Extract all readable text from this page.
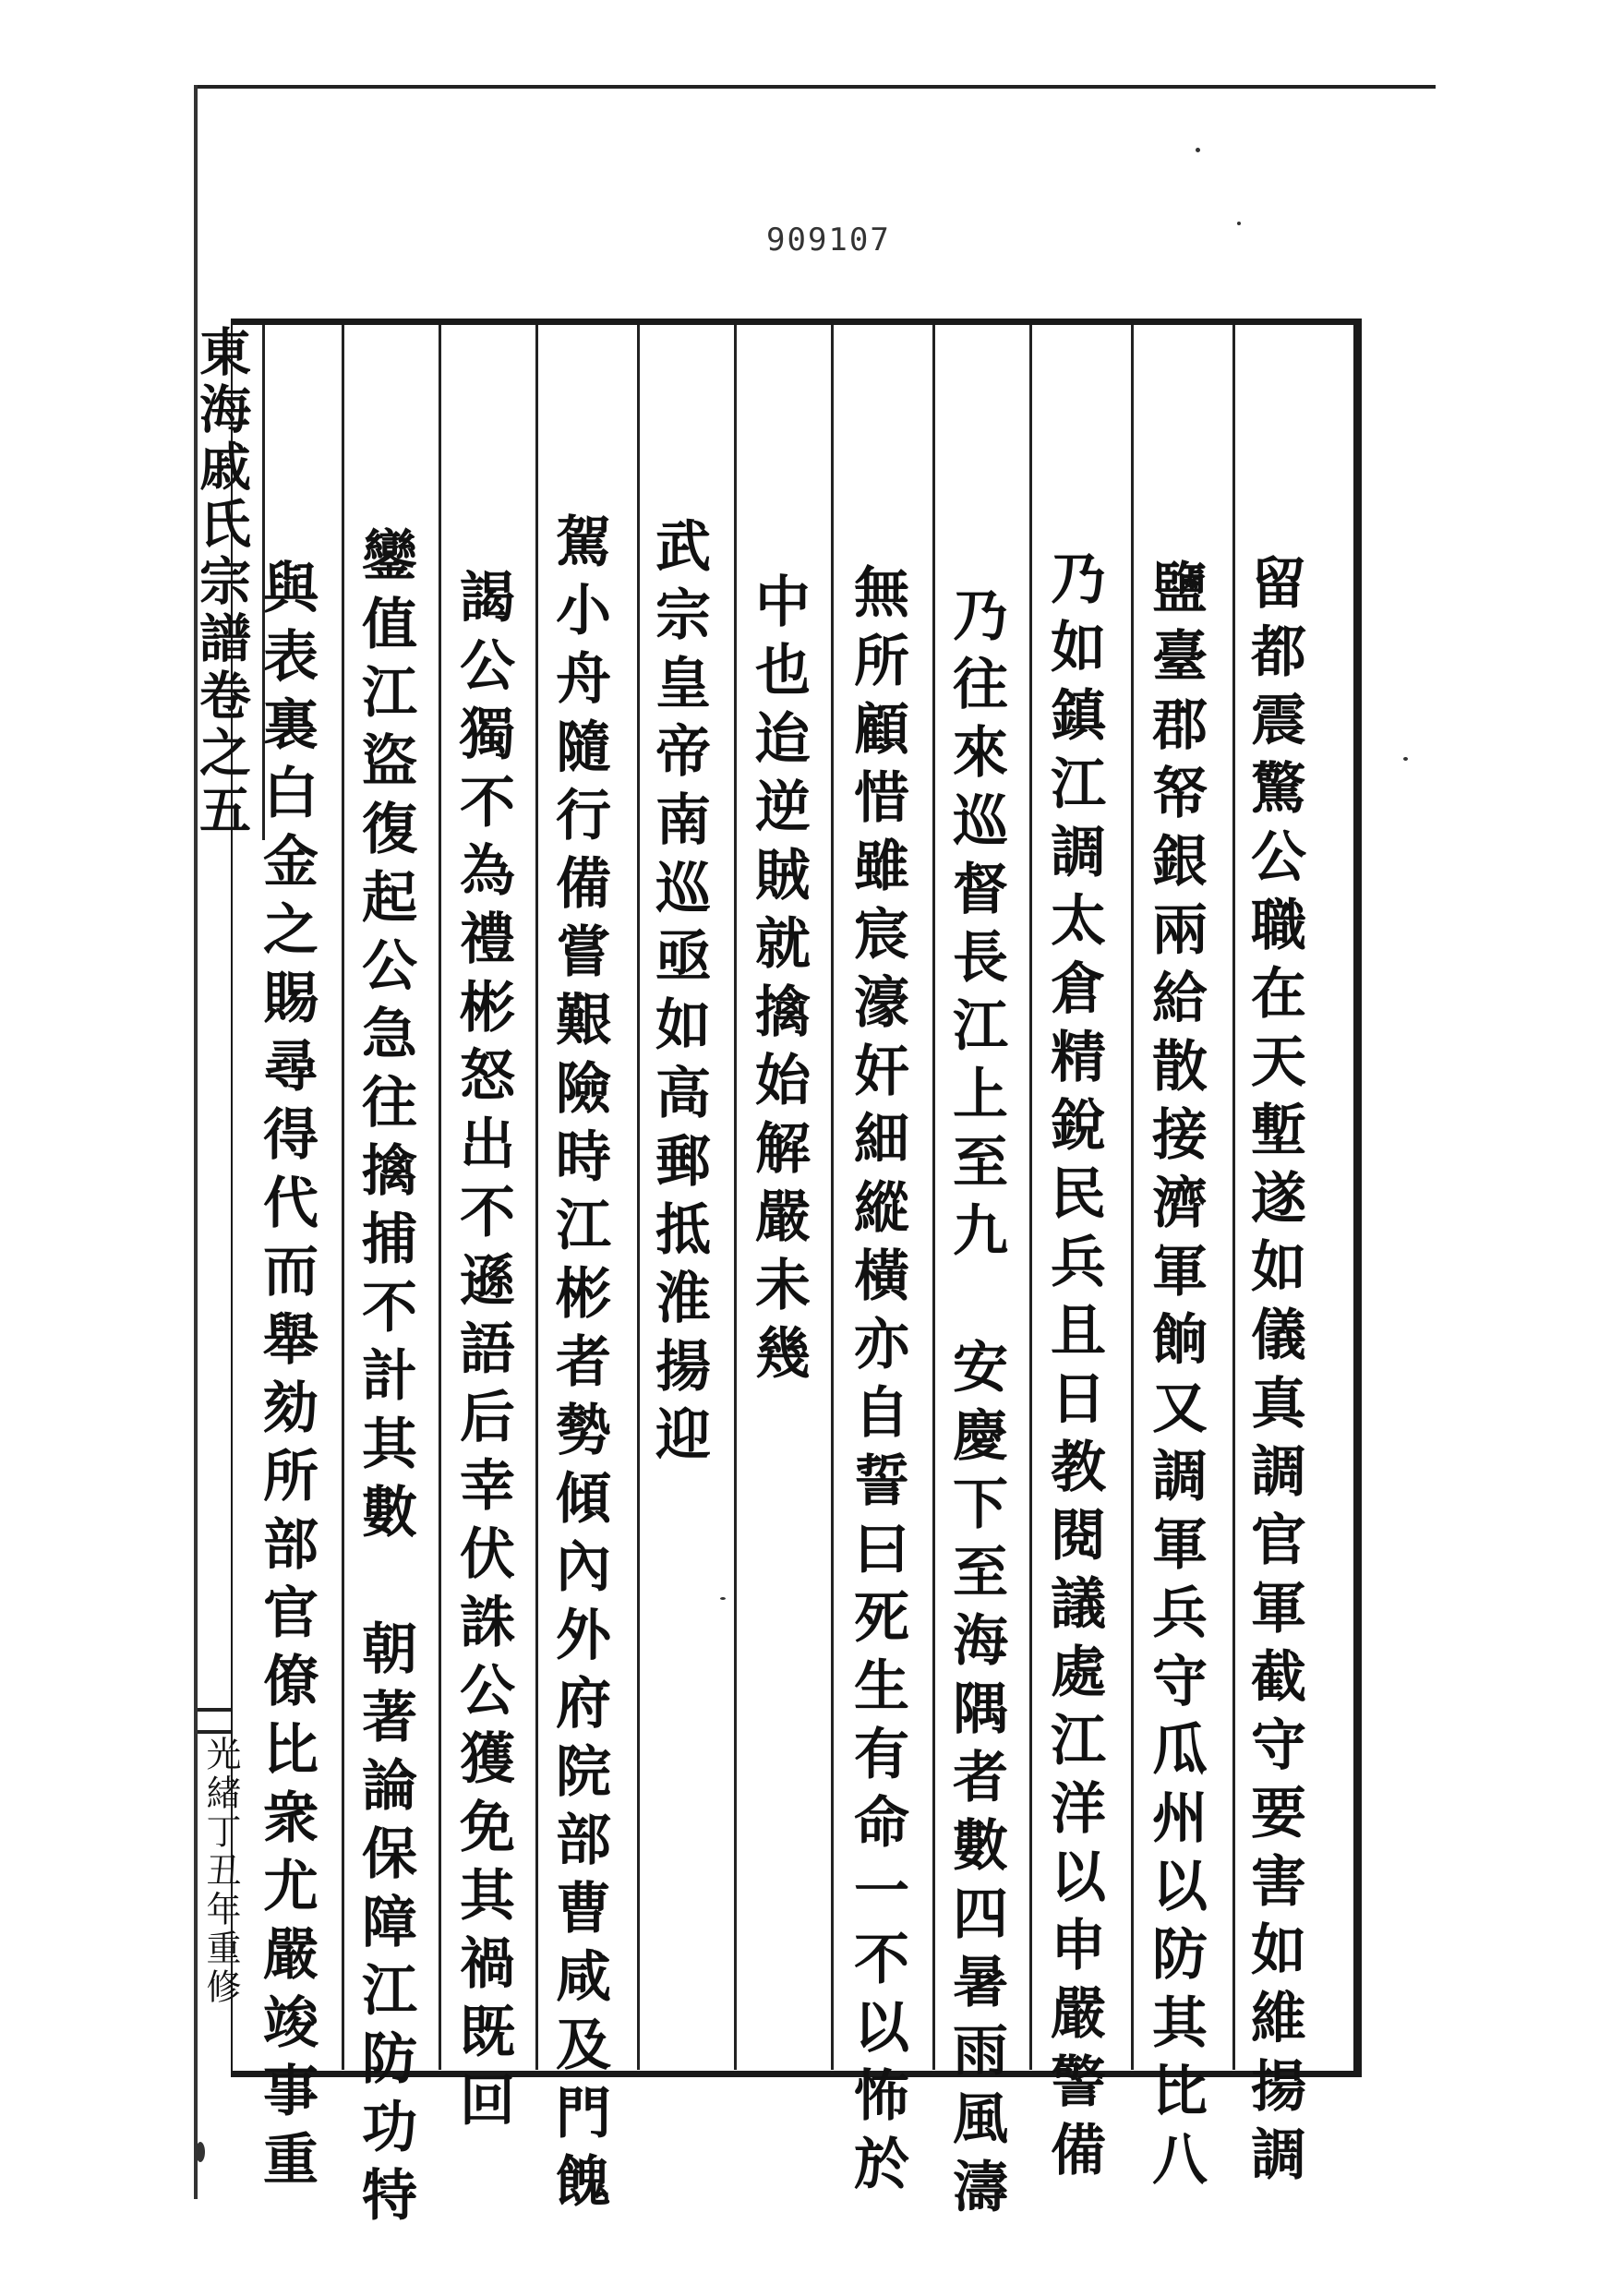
909107
留都震驚公職在天塹遂如儀真調官軍截守要害如維揚調
鹽臺郡帑銀兩給散接濟軍餉又調軍兵守瓜州以防其比八
乃如鎮江調太倉精銳民兵且日教閱議處江洋以申嚴警備
乃往來巡督長江上至九　安慶下至海隅者數四暑雨風濤
無所顧惜雖宸濠奸細縱橫亦自誓曰死生有命一不以怖於
中也迨逆賊就擒始解嚴未幾
武宗皇帝南巡亟如高郵抵淮揚迎
駕小舟隨行備嘗艱險時江彬者勢傾內外府院部曹咸及門餽
謁公獨不為禮彬怒出不遜語后幸伏誅公獲免其禍既回
鑾值江盜復起公急往擒捕不計其數　朝著論保障江防功特
與表裏白金之賜尋得代而舉劾所部官僚比衆尤嚴竣事重
東海戚氏宗譜卷之五
光緒丁丑年重修
